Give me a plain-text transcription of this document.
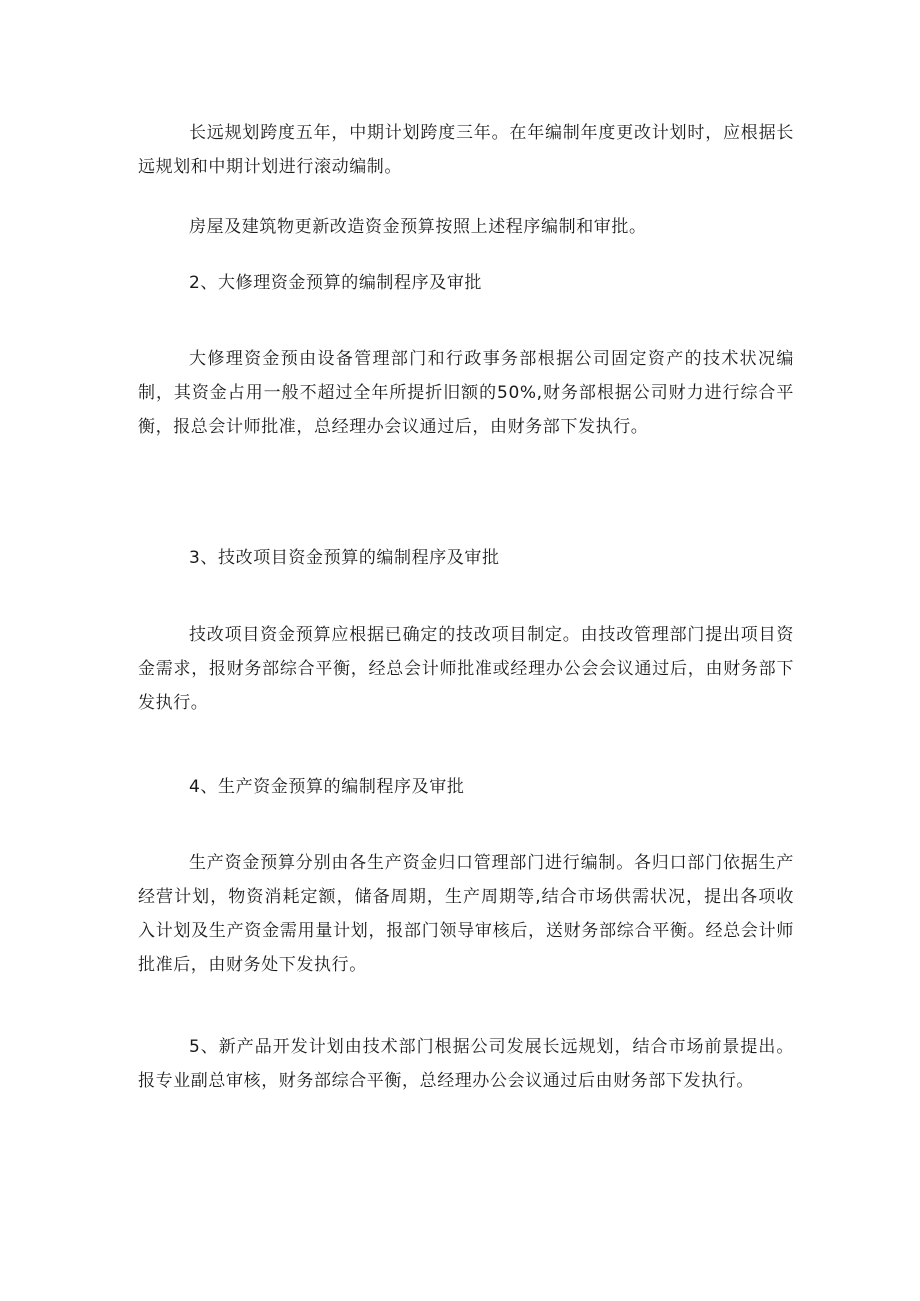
长远规划跨度五年，中期计划跨度三年。在年编制年度更改计划时，应根据长远规划和中期计划进行滚动编制。

房屋及建筑物更新改造资金预算按照上述程序编制和审批。

2、大修理资金预算的编制程序及审批

大修理资金预由设备管理部门和行政事务部根据公司固定资产的技术状况编制，其资金占用一般不超过全年所提折旧额的50%,财务部根据公司财力进行综合平衡，报总会计师批准，总经理办会议通过后，由财务部下发执行。

3、技改项目资金预算的编制程序及审批

技改项目资金预算应根据已确定的技改项目制定。由技改管理部门提出项目资金需求，报财务部综合平衡，经总会计师批准或经理办公会会议通过后，由财务部下发执行。

4、生产资金预算的编制程序及审批

生产资金预算分别由各生产资金归口管理部门进行编制。各归口部门依据生产经营计划，物资消耗定额，储备周期，生产周期等,结合市场供需状况，提出各项收入计划及生产资金需用量计划，报部门领导审核后，送财务部综合平衡。经总会计师批准后，由财务处下发执行。

5、新产品开发计划由技术部门根据公司发展长远规划，结合市场前景提出。报专业副总审核，财务部综合平衡，总经理办公会议通过后由财务部下发执行。
